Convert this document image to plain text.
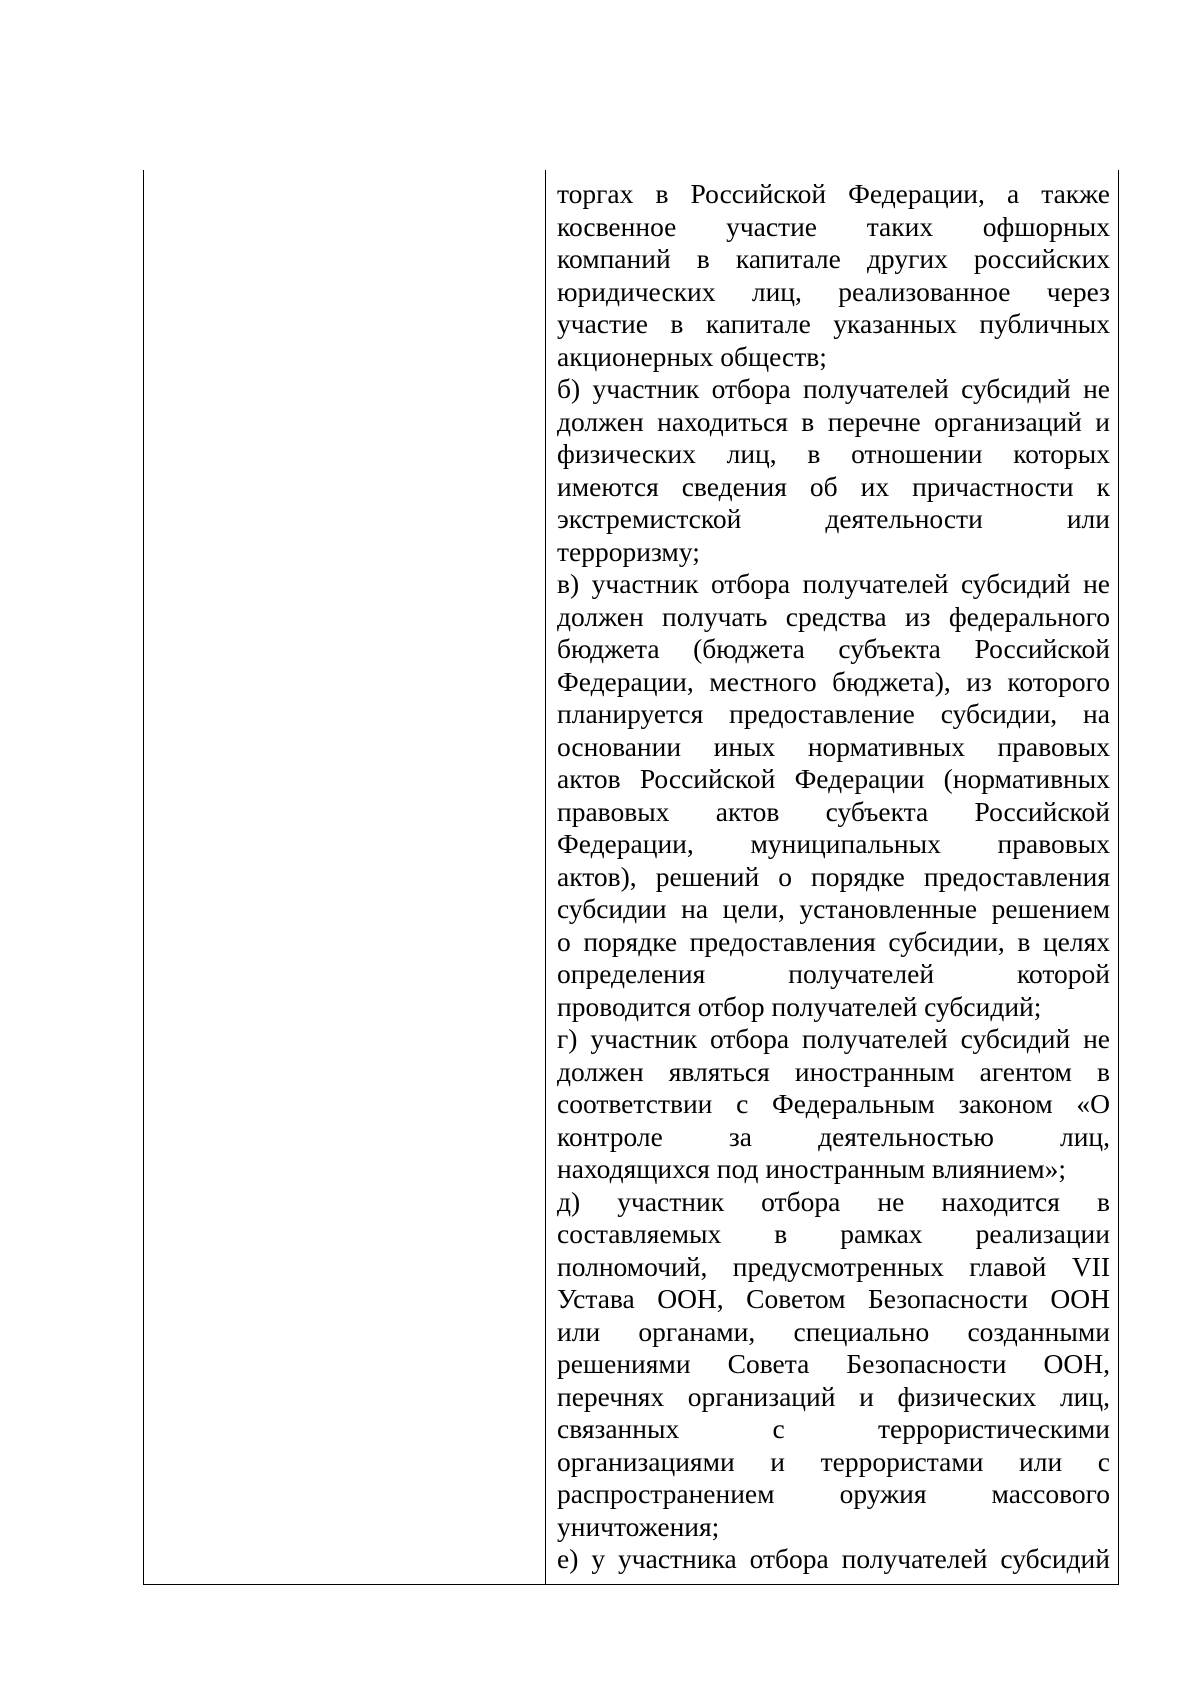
торгах в Российской Федерации, а также
косвенное участие таких офшорных
компаний в капитале других российских
юридических лиц, реализованное через
участие в капитале указанных публичных
акционерных обществ;
б) участник отбора получателей субсидий не
должен находиться в перечне организаций и
физических лиц, в отношении которых
имеются сведения об их причастности к
экстремистской деятельности или
терроризму;
в) участник отбора получателей субсидий не
должен получать средства из федерального
бюджета (бюджета субъекта Российской
Федерации, местного бюджета), из которого
планируется предоставление субсидии, на
основании иных нормативных правовых
актов Российской Федерации (нормативных
правовых актов субъекта Российской
Федерации, муниципальных правовых
актов), решений о порядке предоставления
субсидии на цели, установленные решением
о порядке предоставления субсидии, в целях
определения получателей которой
проводится отбор получателей субсидий;
г) участник отбора получателей субсидий не
должен являться иностранным агентом в
соответствии с Федеральным законом «О
контроле за деятельностью лиц,
находящихся под иностранным влиянием»;
д) участник отбора не находится в
составляемых в рамках реализации
полномочий, предусмотренных главой VII
Устава ООН, Советом Безопасности ООН
или органами, специально созданными
решениями Совета Безопасности ООН,
перечнях организаций и физических лиц,
связанных с террористическими
организациями и террористами или с
распространением оружия массового
уничтожения;
е) у участника отбора получателей субсидий
